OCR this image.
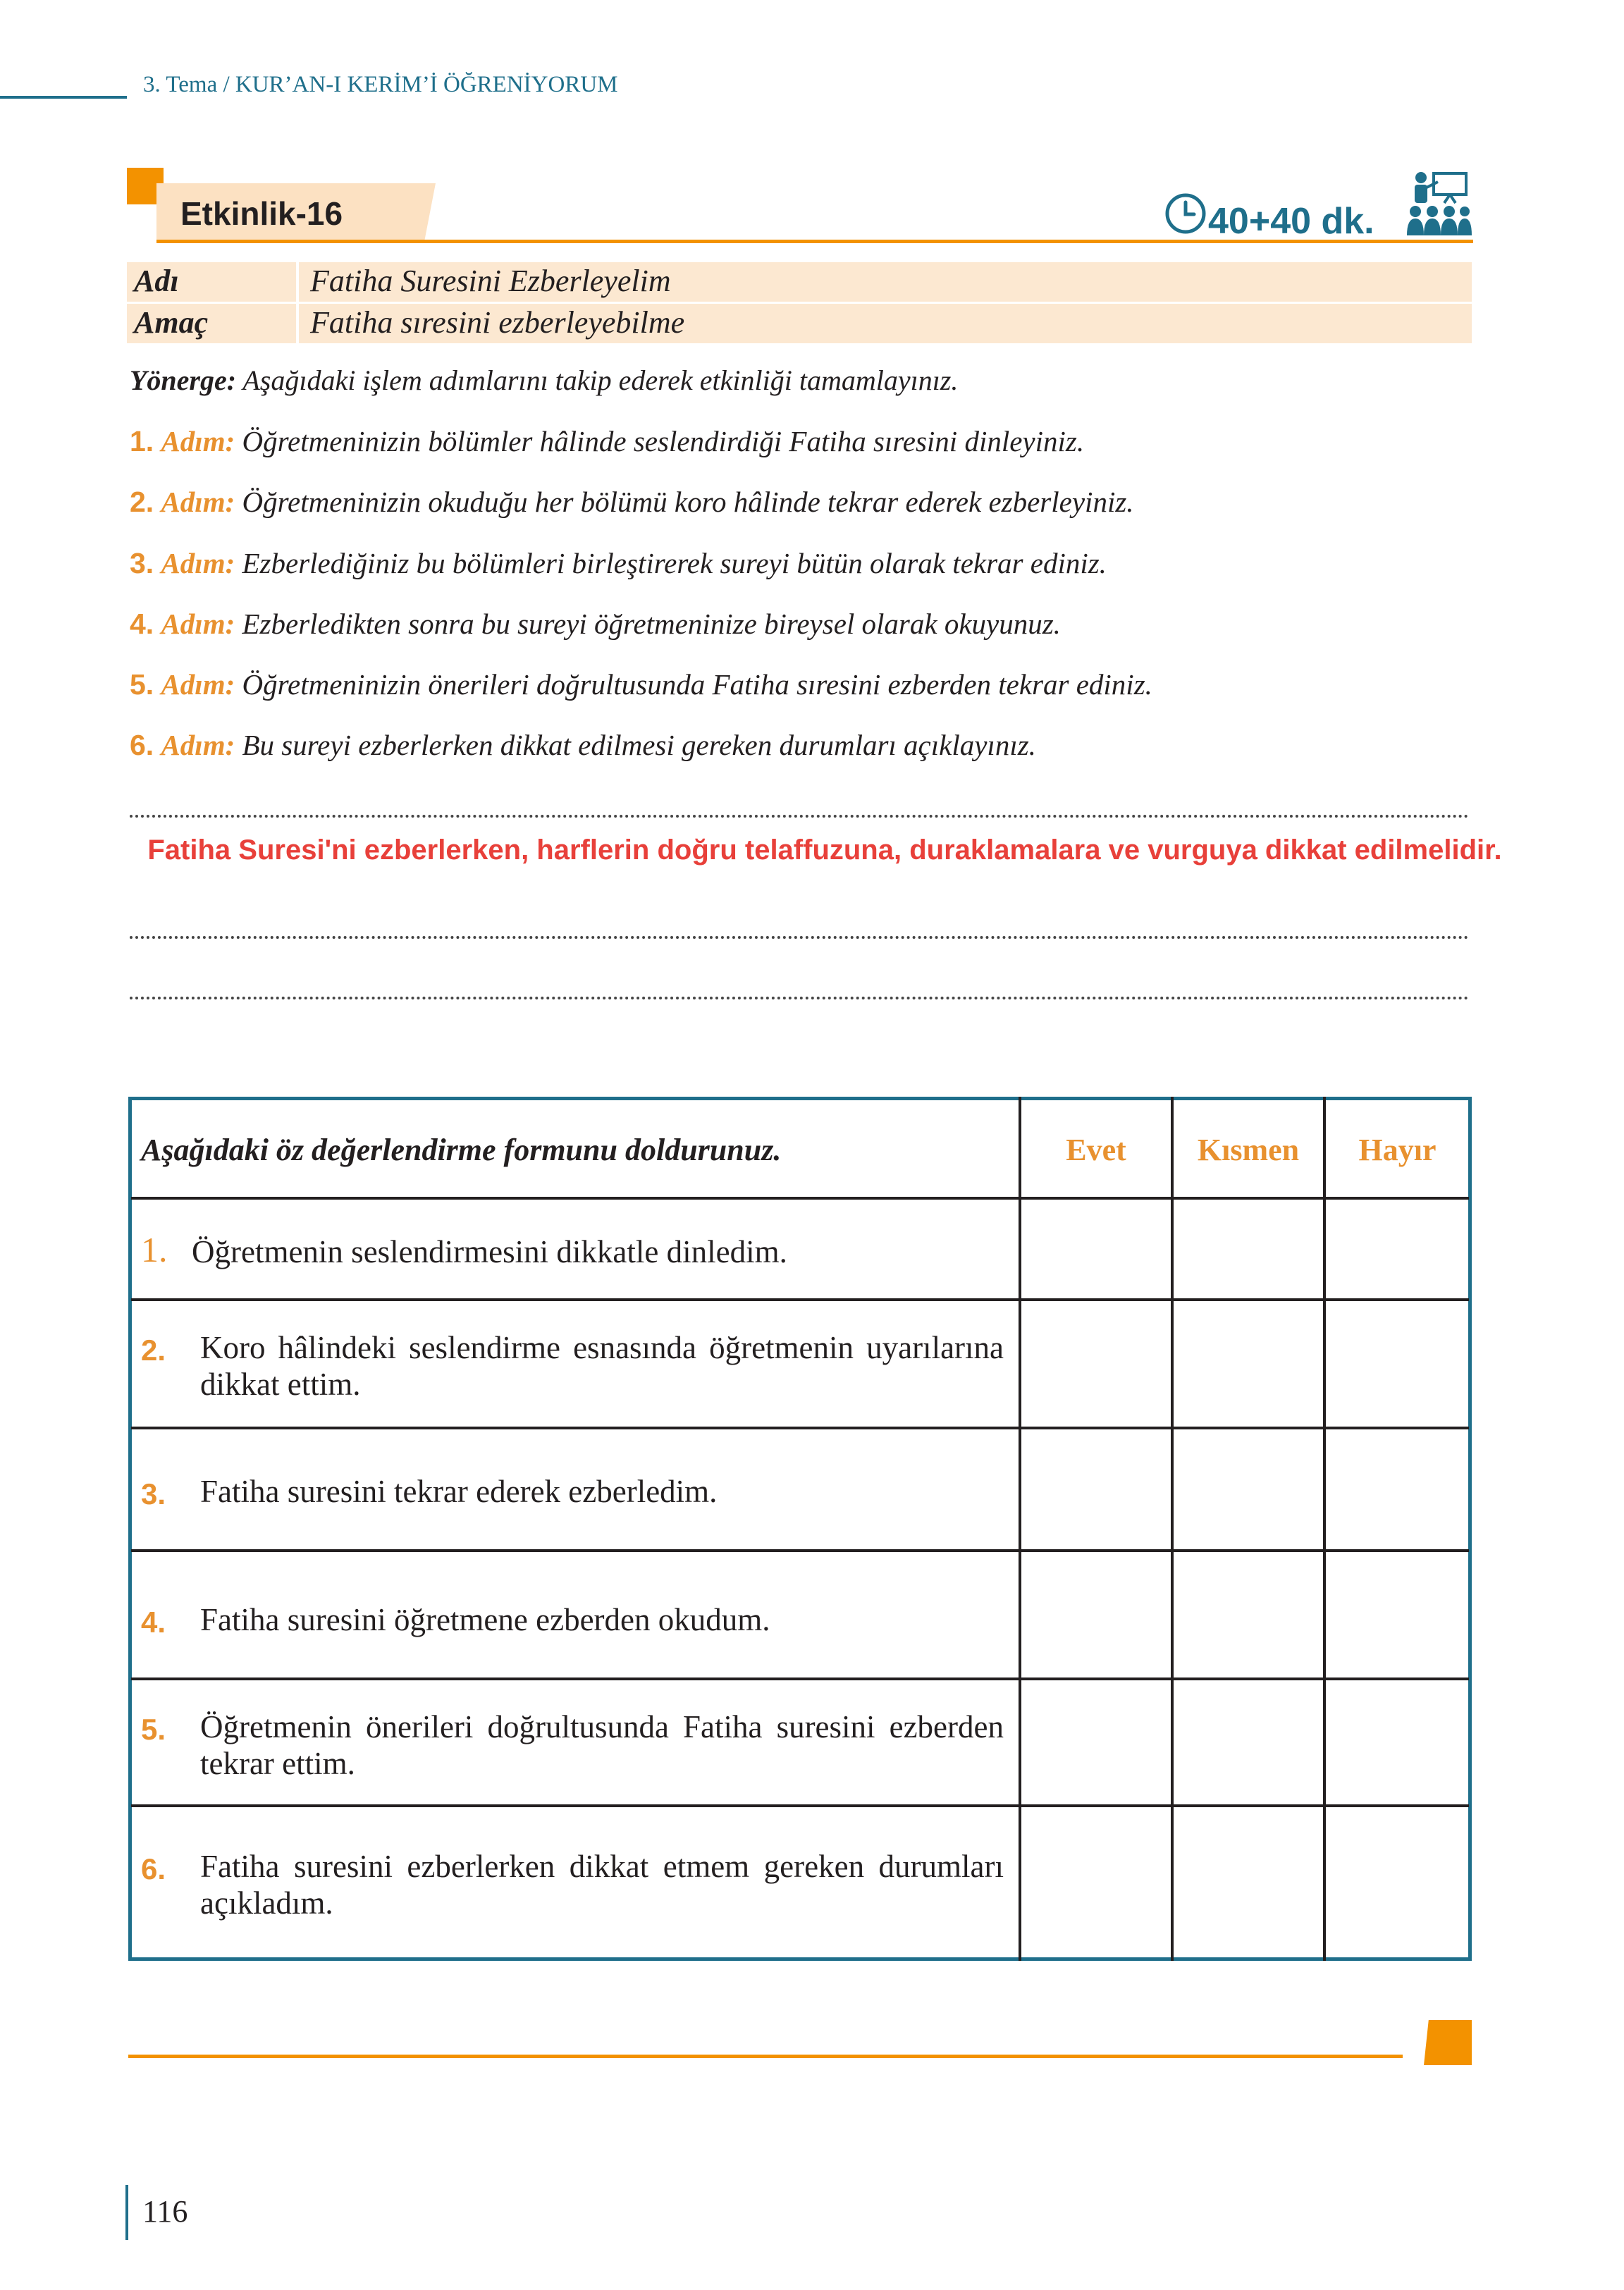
3. Tema / KUR’AN-I KERİM’İ ÖĞRENİYORUM
Etkinlik-16	40+40 dk.
Adı	Fatiha Suresini Ezberleyelim
Amaç	Fatiha sıresini ezberleyebilme
Yönerge: Aşağıdaki işlem adımlarını takip ederek etkinliği tamamlayınız.
1. Adım: Öğretmeninizin bölümler hâlinde seslendirdiği Fatiha sıresini dinleyiniz.
2. Adım: Öğretmeninizin okuduğu her bölümü koro hâlinde tekrar ederek ezberleyiniz.
3. Adım: Ezberlediğiniz bu bölümleri birleştirerek sureyi bütün olarak tekrar ediniz.
4. Adım: Ezberledikten sonra bu sureyi öğretmeninize bireysel olarak okuyunuz.
5. Adım: Öğretmeninizin önerileri doğrultusunda Fatiha sıresini ezberden tekrar ediniz.
6. Adım: Bu sureyi ezberlerken dikkat edilmesi gereken durumları açıklayınız.
Fatiha Suresi'ni ezberlerken, harflerin doğru telaffuzuna, duraklamalara ve vurguya dikkat edilmelidir.
Aşağıdaki öz değerlendirme formunu doldurunuz.	Evet	Kısmen	Hayır
1. Öğretmenin seslendirmesini dikkatle dinledim.
2. Koro hâlindeki seslendirme esnasında öğretmenin uyarılarına dikkat ettim.
3. Fatiha suresini tekrar ederek ezberledim.
4. Fatiha suresini öğretmene ezberden okudum.
5. Öğretmenin önerileri doğrultusunda Fatiha suresini ezberden tekrar ettim.
6. Fatiha suresini ezberlerken dikkat etmem gereken durumları açıkladım.
116
